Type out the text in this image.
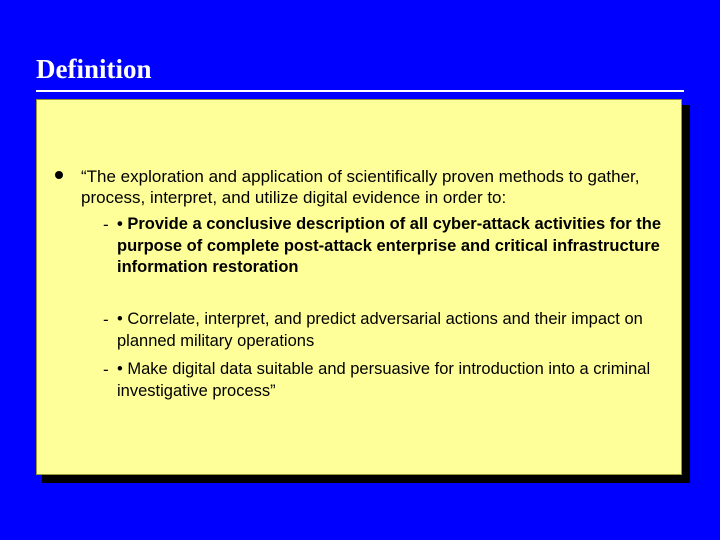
Definition
“The exploration and application of scientifically proven methods to gather, process, interpret, and utilize digital evidence in order to:
- • Provide a conclusive description of all cyber-attack activities for the purpose of complete post-attack enterprise and critical infrastructure information restoration
- • Correlate, interpret, and predict adversarial actions and their impact on planned military operations
- • Make digital data suitable and persuasive for introduction into a criminal investigative process”
